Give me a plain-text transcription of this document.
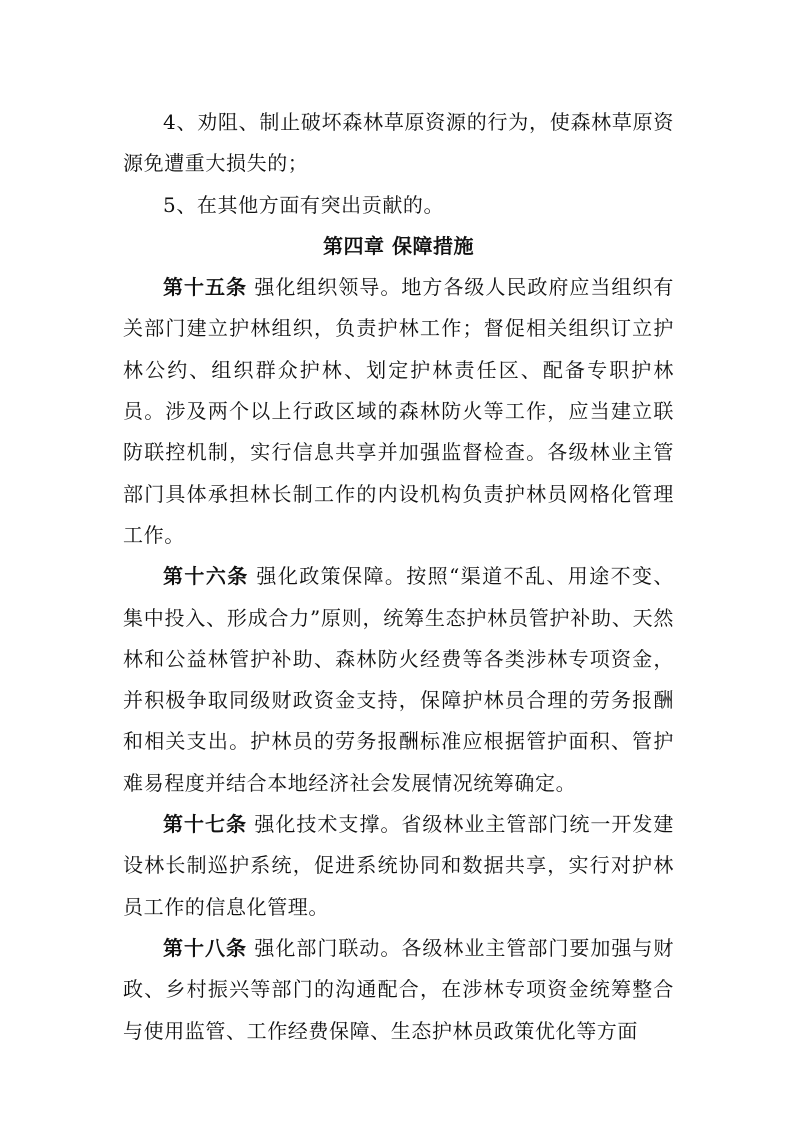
4、劝阻、制止破坏森林草原资源的行为，使森林草原资源免遭重大损失的；

5、在其他方面有突出贡献的。

第四章 保障措施

第十五条 强化组织领导。地方各级人民政府应当组织有关部门建立护林组织，负责护林工作；督促相关组织订立护林公约、组织群众护林、划定护林责任区、配备专职护林员。涉及两个以上行政区域的森林防火等工作，应当建立联防联控机制，实行信息共享并加强监督检查。各级林业主管部门具体承担林长制工作的内设机构负责护林员网格化管理工作。

第十六条 强化政策保障。按照“渠道不乱、用途不变、集中投入、形成合力”原则，统筹生态护林员管护补助、天然林和公益林管护补助、森林防火经费等各类涉林专项资金，并积极争取同级财政资金支持，保障护林员合理的劳务报酬和相关支出。护林员的劳务报酬标准应根据管护面积、管护难易程度并结合本地经济社会发展情况统筹确定。

第十七条 强化技术支撑。省级林业主管部门统一开发建设林长制巡护系统，促进系统协同和数据共享，实行对护林员工作的信息化管理。

第十八条 强化部门联动。各级林业主管部门要加强与财政、乡村振兴等部门的沟通配合，在涉林专项资金统筹整合与使用监管、工作经费保障、生态护林员政策优化等方面
